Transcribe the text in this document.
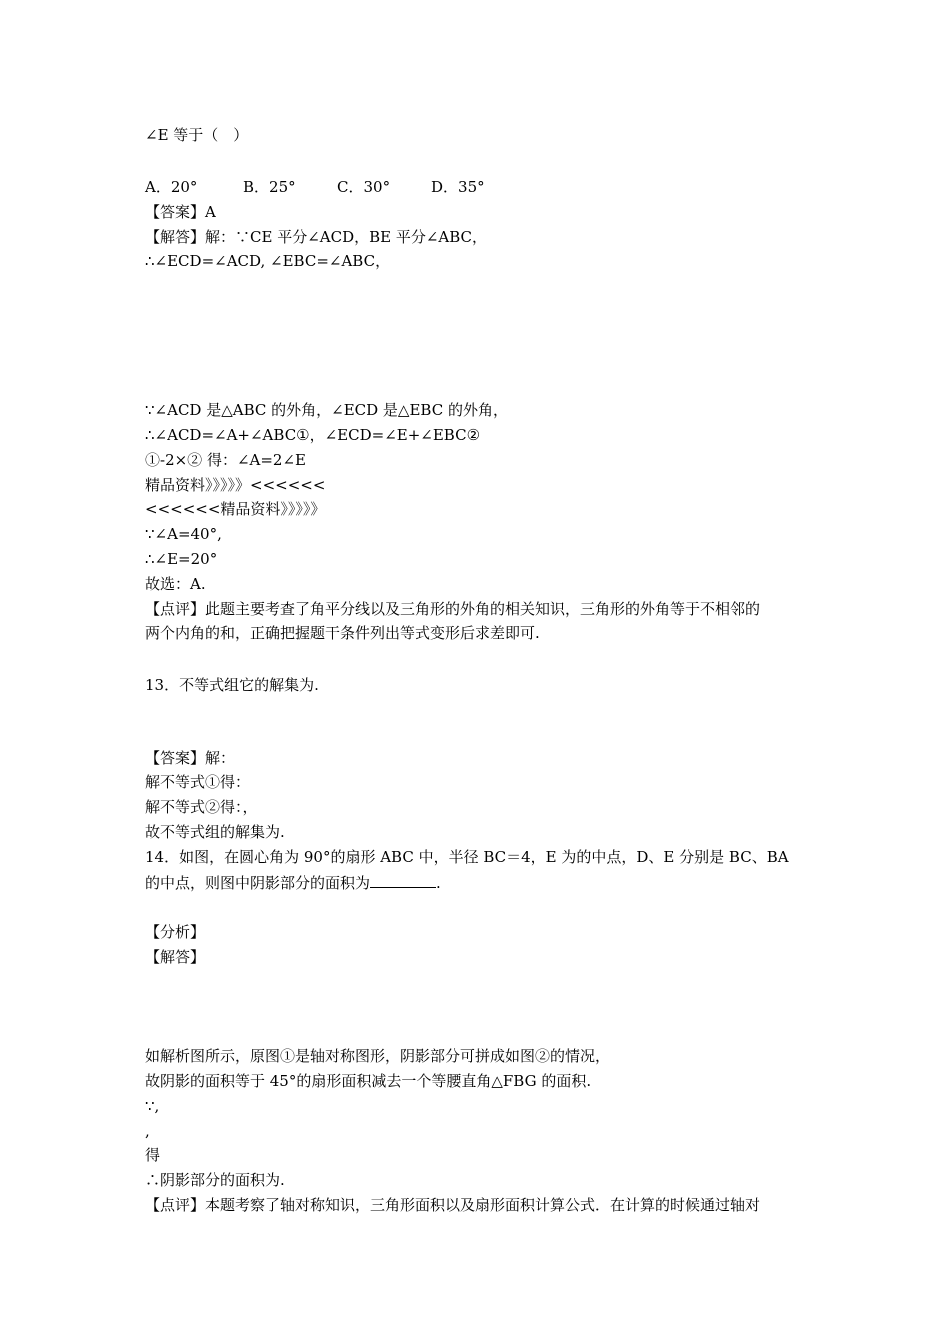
∠E 等于（　）
A．20°	B．25°	C．30°	D．35°
【答案】A
【解答】解：∵CE 平分∠ACD，BE 平分∠ABC，
∴∠ECD=∠ACD, ∠EBC=∠ABC，
∵∠ACD 是△ABC 的外角，∠ECD 是△EBC 的外角，
∴∠ACD=∠A+∠ABC①，∠ECD=∠E+∠EBC②
①-2×② 得：∠A=2∠E
精品资料》》》》》<<<<<<
<<<<<<精品资料》》》》》
∵∠A=40°,
∴∠E=20°
故选：A.
【点评】此题主要考查了角平分线以及三角形的外角的相关知识，三角形的外角等于不相邻的
两个内角的和，正确把握题干条件列出等式变形后求差即可.
13．不等式组它的解集为.
【答案】解：
解不等式①得：
解不等式②得：，
故不等式组的解集为.
14．如图，在圆心角为 90°的扇形 ABC 中，半径 BC＝4，E 为的中点，D、E 分别是 BC、BA
的中点，则图中阴影部分的面积为	.
【分析】
【解答】
如解析图所示，原图①是轴对称图形，阴影部分可拼成如图②的情况，
故阴影的面积等于 45°的扇形面积减去一个等腰直角△FBG 的面积.
∵,
,
得
∴阴影部分的面积为.
【点评】本题考察了轴对称知识，三角形面积以及扇形面积计算公式．在计算的时候通过轴对
